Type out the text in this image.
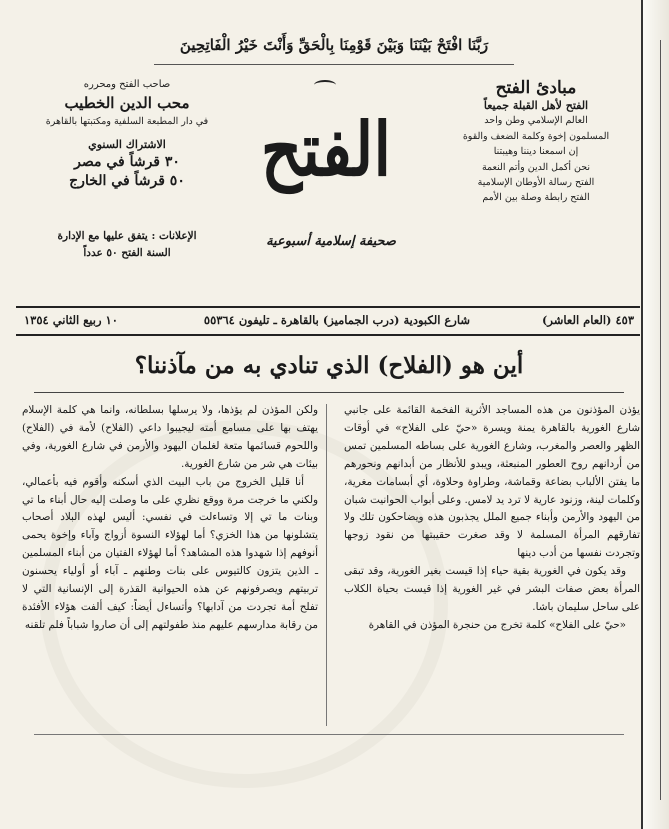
رَبَّنَا افْتَحْ بَيْنَنَا وَبَيْنَ قَوْمِنَا بِالْحَقِّ وَأَنْتَ خَيْرُ الْفَاتِحِينَ
مبادئ الفتح
الفتح لأهل القبلة جميعاً
العالم الإسلامي وطن واحد
المسلمون إخوة وكلمة الضعف والقوة
إن اسمعنا ديننا وهيبتنا
نحن أكمل الدين وأتم النعمة
الفتح رسالة الأوطان الإسلامية
الفتح رابطة وصلة بين الأمم
الفتح
صاحب الفتح ومحرره
محب الدين الخطيب
في دار المطبعة السلفية ومكتبتها بالقاهرة
الاشتراك السنوي
٣٠ قرشاً في مصر
٥٠ قرشاً في الخارج
الإعلانات : يتفق عليها مع الإدارة
السنة الفتح ٥٠ عدداً
صحيفة إسلامية أسبوعية
٤٥٣ (العام العاشر)
شارع الكبودية (درب الجماميز) بالقاهرة ـ تليفون ٥٥٣٦٤
١٠ ربيع الثاني ١٣٥٤
أين هو (الفلاح) الذي تنادي به من مآذننا؟

يؤذن المؤذنون من هذه المساجد الأثرية الفخمة القائمة على جانبي شارع الغورية بالقاهرة يمنة ويسرة «حيّ على الفلاح» في أوقات الظهر والعصر والمغرب، وشارع الغورية على بساطه المسلمين تمس من أردانهم روح العطور المنبعثة، ويبدو للأنظار من أبدانهم ونحورهم ما يفتن الألباب بضاعة وقماشة، وطراوة وحلاوة، أي أبسامات مغرية، وكلمات لينة، وزنود عارية لا ترد يد لامس. وعلى أبواب الحوانيت شبان من اليهود والأرمن وأبناء جميع الملل يجذبون هذه ويضاحكون تلك ولا تفارقهم المرأة المسلمة لا وقد صغرت حقيبتها من نقود زوجها وتجردت نفسها من أدب دينها

وقد يكون في الغورية بقية حياء إذا قيست بغير الغورية، وقد تبقى المرأة بعض صفات البشر في غير الغورية إذا قيست بحياة الكلاب على ساحل سليمان باشا.

«حيّ على الفلاح» كلمة تخرج من حنجرة المؤذن في القاهرة

ولكن المؤذن لم يؤذها، ولا يرسلها بسلطانه، وانما هي كلمة الإسلام يهتف بها على مسامع أمته ليجيبوا داعي (الفلاح) لأمة في (الفلاح) واللحوم قسائمها متعة لغلمان اليهود والأرمن في شارع الغورية، وفي بيئات هي شر من شارع الغورية.

أنا قليل الخروج من باب البيت الذي أسكنه وأقوم فيه بأعمالي، ولكني ما خرجت مرة ووقع نظري على ما وصلت إليه حال أبناء ما تي وبنات ما تي إلا وتساءلت في نفسي: أليس لهذه البلاد أصحاب يتشلونها من هذا الخزي؟ أما لهؤلاء النسوة أزواج وآباء وإخوة يحمى أنوفهم إذا شهدوا هذه المشاهد؟ أما لهؤلاء الفتيان من أبناء المسلمين ـ الذين يتزون كالتيوس على بنات وطنهم ـ آباء أو أولياء يحسنون تربيتهم ويصرفونهم عن هذه الحيوانية القذرة إلى الإنسانية التي لا تفلح أمة تجردت من آدابها؟ وأتساءل أيضاً: كيف ألفت هؤلاء الأفئدة من رقابة مدارسهم عليهم منذ طفولتهم إلى أن صاروا شباباً فلم تلقنه
